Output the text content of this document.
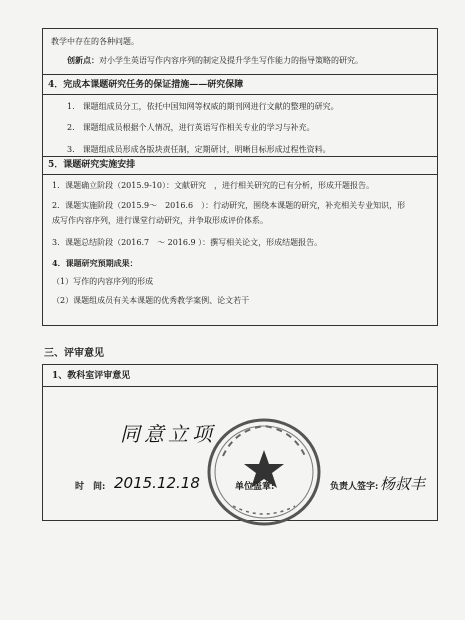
教学中存在的各种问题。
创新点：对小学生英语写作内容序列的制定及提升学生写作能力的指导策略的研究。
4．完成本课题研究任务的保证措施——研究保障
1.　课题组成员分工，依托中国知网等权威的期刊网进行文献的整理的研究。
2.　课题组成员根据个人情况，进行英语写作相关专业的学习与补充。
3.　课题组成员形成各版块责任制，定期研讨，明晰目标形成过程性资料。
5．课题研究实施安排
1．课题确立阶段（2015.9-10）：文献研究　，进行相关研究的已有分析，形成开题报告。
2．课题实施阶段（2015.9～　2016.6　）：行动研究，围绕本课题的研究，补充相关专业知识，形
成写作内容序列，进行课堂行动研究，并争取形成评价体系。
3．课题总结阶段（2016.7　～ 2016.9 ）：撰写相关论文，形成结题报告。
4．课题研究预期成果：
（1）写作的内容序列的形成
（2）课题组成员有关本课题的优秀教学案例、论文若干
三、评审意见
1、教科室评审意见
同意立项
时　间: 2015.12.18	单位盖章:	负责人签字: 杨叔丰
